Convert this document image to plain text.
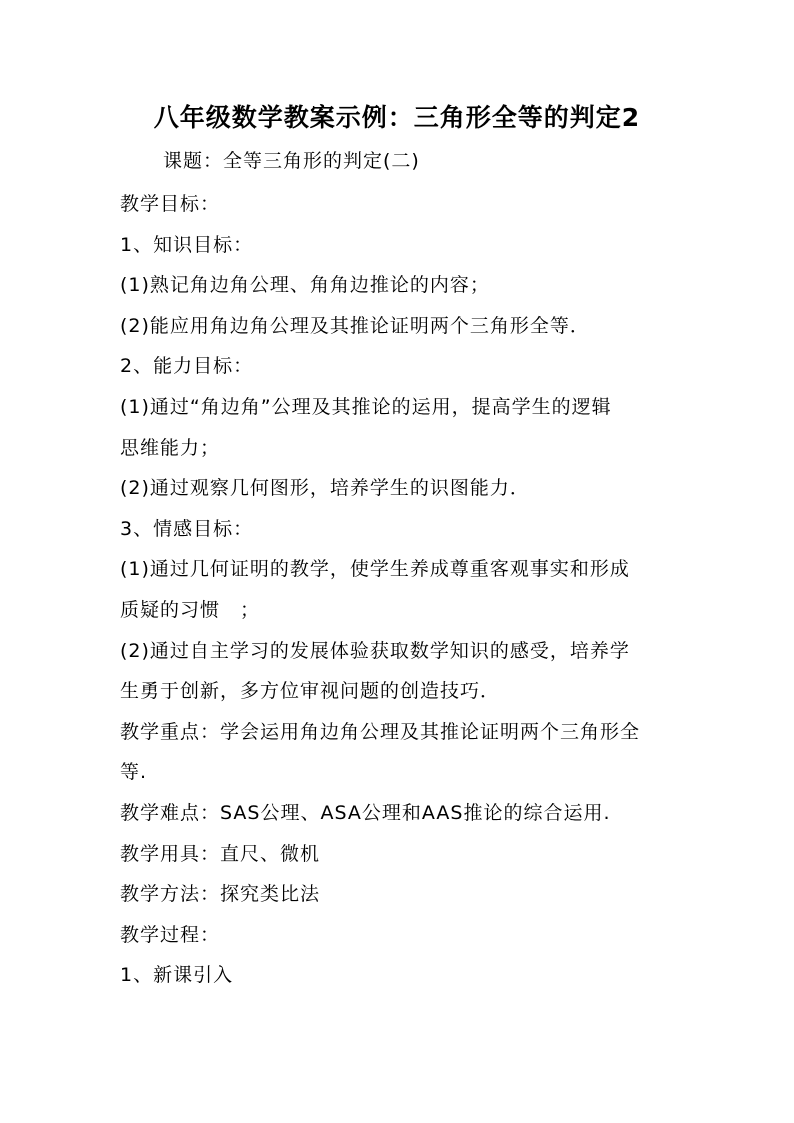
八年级数学教案示例：三角形全等的判定2
课题：全等三角形的判定(二)
教学目标：
1、知识目标：
(1)熟记角边角公理、角角边推论的内容；
(2)能应用角边角公理及其推论证明两个三角形全等．
2、能力目标：
(1)通过“角边角”公理及其推论的运用，提高学生的逻辑
思维能力；
(2)通过观察几何图形，培养学生的识图能力．
3、情感目标：
(1)通过几何证明的教学，使学生养成尊重客观事实和形成
质疑的习惯　；
(2)通过自主学习的发展体验获取数学知识的感受，培养学
生勇于创新，多方位审视问题的创造技巧．
教学重点：学会运用角边角公理及其推论证明两个三角形全
等.
教学难点：SAS公理、ASA公理和AAS推论的综合运用.
教学用具：直尺、微机
教学方法：探究类比法
教学过程：
1、新课引入
